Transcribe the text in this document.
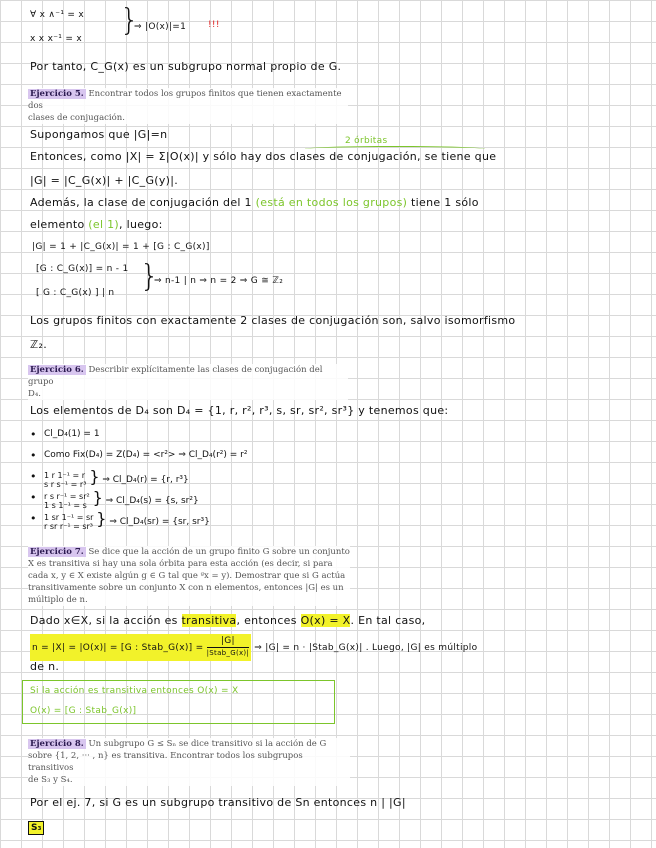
∀ x ∧⁻¹ = x
x x x⁻¹ = x
}
⇒ |O(x)|=1 !!!
Por tanto, C_G(x) es un subgrupo normal propio de G.
Ejercicio 5. Encontrar todos los grupos finitos que tienen exactamente dos
clases de conjugación.
Supongamos que |G|=n	2 órbitas
Entonces, como |X| = Σ|O(x)| y sólo hay dos clases de conjugación, se tiene que
|G| = |C_G(x)| + |C_G(y)|.
Además, la clase de conjugación del 1 (está en todos los grupos) tiene 1 sólo
elemento (el 1), luego:
|G| = 1 + |C_G(x)| = 1 + [G : C_G(x)]
[G : C_G(x)] = n - 1
[ G : C_G(x) ] | n }
⇒ n-1 | n ⇒ n = 2 ⇒ G ≅ ℤ₂
Los grupos finitos con exactamente 2 clases de conjugación son, salvo isomorfismo
ℤ₂.
Ejercicio 6. Describir explícitamente las clases de conjugación del grupo
D₄.
Los elementos de D₄ son D₄ = {1, r, r², r³, s, sr, sr², sr³} y tenemos que:
• Cl_D₄(1) = 1
• Como Fix(D₄) = Z(D₄) = <r²> ⇒ Cl_D₄(r²) = r²
• 1 r 1⁻¹ = r
s r s⁻¹ = r³ } ⇒ Cl_D₄(r) = {r, r³}
• r s r⁻¹ = sr²
1 s 1⁻¹ = s } ⇒ Cl_D₄(s) = {s, sr²}
• 1 sr 1⁻¹ = sr
r sr r⁻¹ = sr³ } ⇒ Cl_D₄(sr) = {sr, sr³}
Ejercicio 7. Se dice que la acción de un grupo finito G sobre un conjunto
X es transitiva si hay una sola órbita para esta acción (es decir, si para
cada x, y ∈ X existe algún g ∈ G tal que ᵍx = y). Demostrar que si G actúa
transitivamente sobre un conjunto X con n elementos, entonces |G| es un
múltiplo de n.
Dado x∈X, si la acción es transitiva, entonces O(x) = X. En tal caso,
n = |X| = |O(x)| = [G : Stab_G(x)] =
|G|
|Stab_G(x)| ⇒ |G| = n · |Stab_G(x)| . Luego, |G| es múltiplo
de n.
Si la acción es transitiva entonces O(x) = X
O(x) = [G : Stab_G(x)]
Ejercicio 8. Un subgrupo G ≤ Sₙ se dice transitivo si la acción de G
sobre {1, 2, ··· , n} es transitiva. Encontrar todos los subgrupos transitivos
de S₃ y S₄.
Por el ej. 7, si G es un subgrupo transitivo de Sn entonces n | |G|
S₃
